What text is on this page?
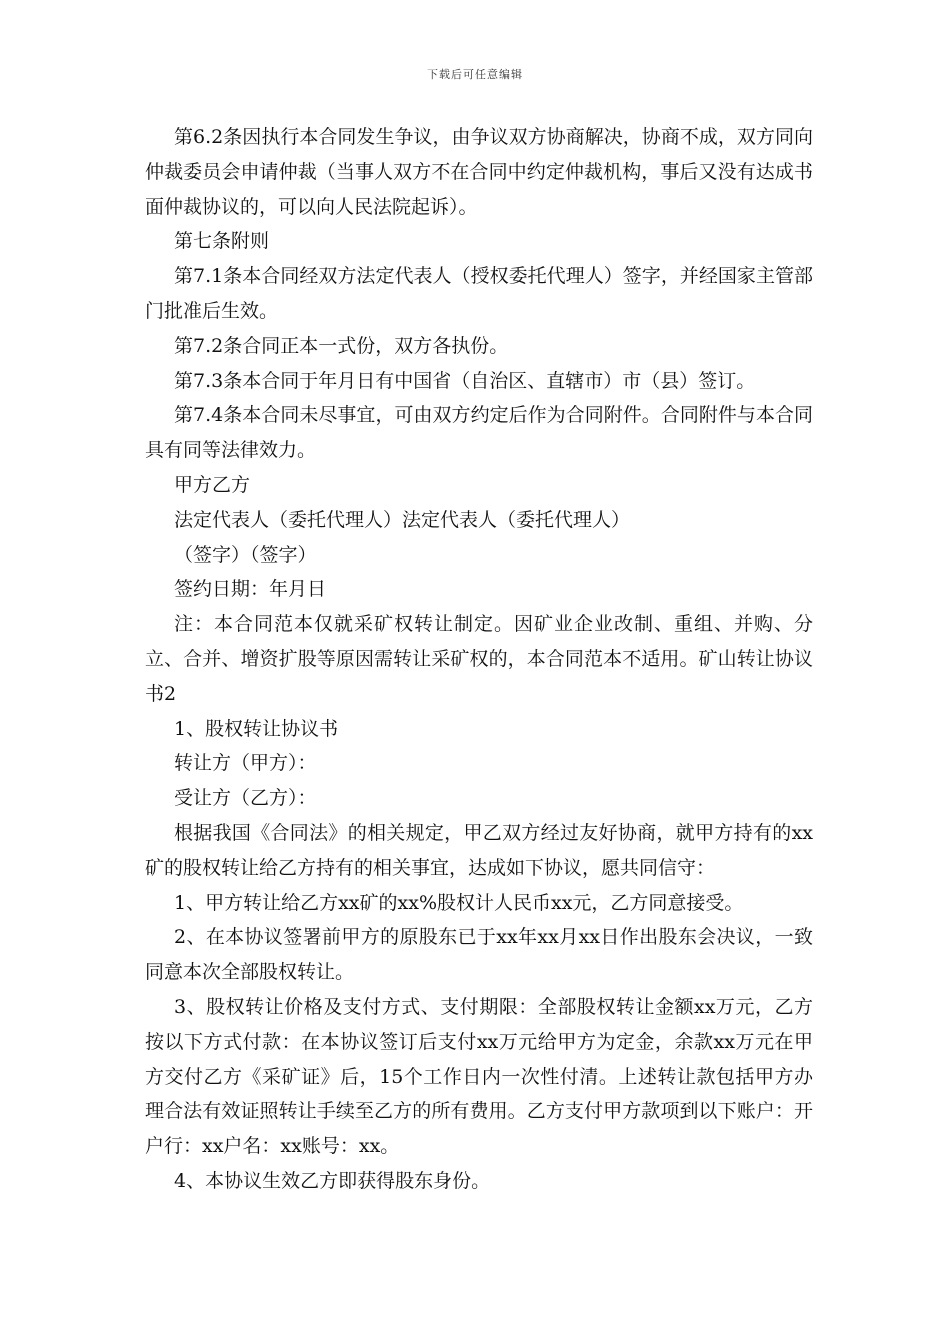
下载后可任意编辑

第6.2条因执行本合同发生争议，由争议双方协商解决，协商不成，双方同向仲裁委员会申请仲裁（当事人双方不在合同中约定仲裁机构，事后又没有达成书面仲裁协议的，可以向人民法院起诉）。

第七条附则

第7.1条本合同经双方法定代表人（授权委托代理人）签字，并经国家主管部门批准后生效。

第7.2条合同正本一式份，双方各执份。

第7.3条本合同于年月日有中国省（自治区、直辖市）市（县）签订。

第7.4条本合同未尽事宜，可由双方约定后作为合同附件。合同附件与本合同具有同等法律效力。

甲方乙方

法定代表人（委托代理人）法定代表人（委托代理人）

（签字）（签字）

签约日期：年月日

注：本合同范本仅就采矿权转让制定。因矿业企业改制、重组、并购、分立、合并、增资扩股等原因需转让采矿权的，本合同范本不适用。矿山转让协议书2

1、股权转让协议书

转让方（甲方）：

受让方（乙方）：

根据我国《合同法》的相关规定，甲乙双方经过友好协商，就甲方持有的xx矿的股权转让给乙方持有的相关事宜，达成如下协议，愿共同信守：

1、甲方转让给乙方xx矿的xx%股权计人民币xx元，乙方同意接受。

2、在本协议签署前甲方的原股东已于xx年xx月xx日作出股东会决议，一致同意本次全部股权转让。

3、股权转让价格及支付方式、支付期限：全部股权转让金额xx万元，乙方按以下方式付款：在本协议签订后支付xx万元给甲方为定金，余款xx万元在甲方交付乙方《采矿证》后，15个工作日内一次性付清。上述转让款包括甲方办理合法有效证照转让手续至乙方的所有费用。乙方支付甲方款项到以下账户：开户行：xx户名：xx账号：xx。

4、本协议生效乙方即获得股东身份。
